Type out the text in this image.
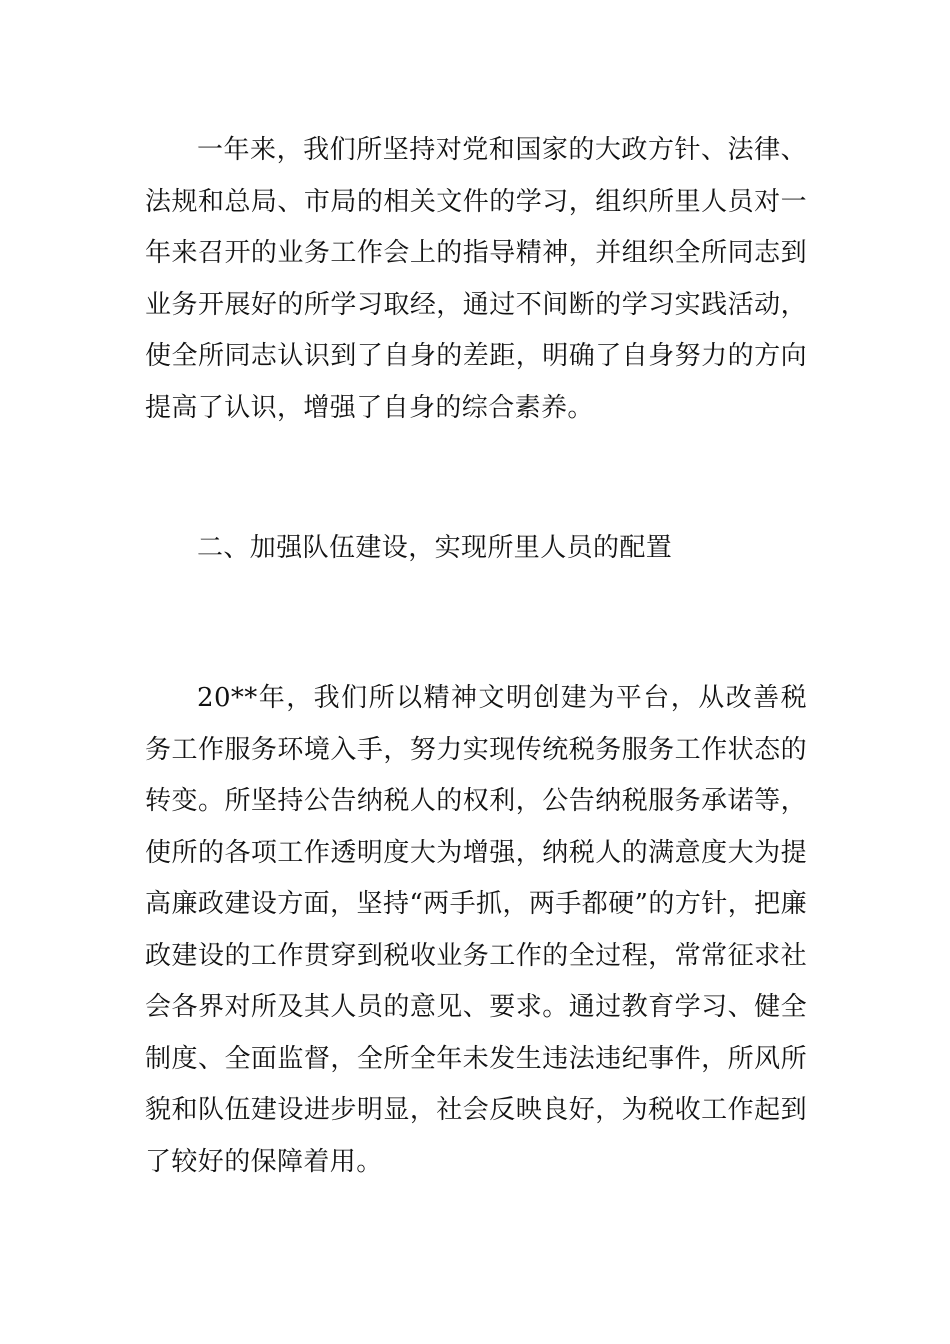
一年来，我们所坚持对党和国家的大政方针、法律、法规和总局、市局的相关文件的学习，组织所里人员对一年来召开的业务工作会上的指导精神，并组织全所同志到业务开展好的所学习取经，通过不间断的学习实践活动，使全所同志认识到了自身的差距，明确了自身努力的方向提高了认识，增强了自身的综合素养。

二、加强队伍建设，实现所里人员的配置

20**年，我们所以精神文明创建为平台，从改善税务工作服务环境入手，努力实现传统税务服务工作状态的转变。所坚持公告纳税人的权利，公告纳税服务承诺等，使所的各项工作透明度大为增强，纳税人的满意度大为提高廉政建设方面，坚持“两手抓，两手都硬”的方针，把廉政建设的工作贯穿到税收业务工作的全过程，常常征求社会各界对所及其人员的意见、要求。通过教育学习、健全制度、全面监督，全所全年未发生违法违纪事件，所风所貌和队伍建设进步明显，社会反映良好，为税收工作起到了较好的保障着用。
